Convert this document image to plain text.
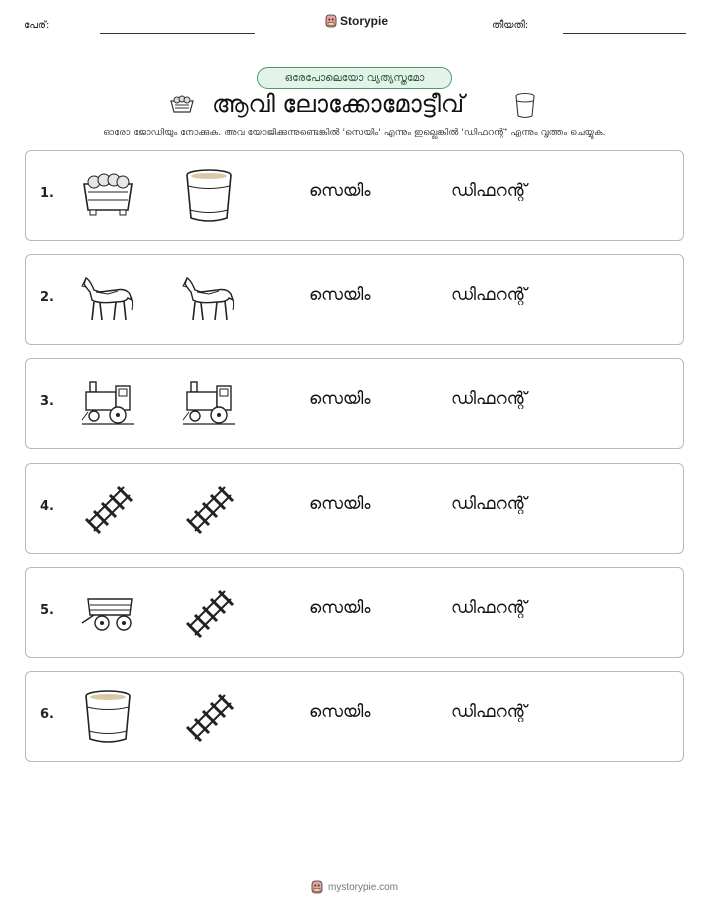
പേര്:	Storypie	തീയതി:
ഒരേപോലെയോ വ്യത്യസ്തമോ
ആവി ലോക്കോമോട്ടീവ്
ഓരോ ജോഡിയും നോക്കുക. അവ യോജിക്കുന്നുണ്ടെങ്കിൽ 'സെയിം' എന്നും ഇല്ലെങ്കിൽ 'ഡിഫറന്റ്' എന്നും വൃത്തം ചെയ്യുക.
1.	സെയിം	ഡിഫറന്റ്
2.	സെയിം	ഡിഫറന്റ്
3.	സെയിം	ഡിഫറന്റ്
4.	സെയിം	ഡിഫറന്റ്
5.	സെയിം	ഡിഫറന്റ്
6.	സെയിം	ഡിഫറന്റ്
mystorypie.com
